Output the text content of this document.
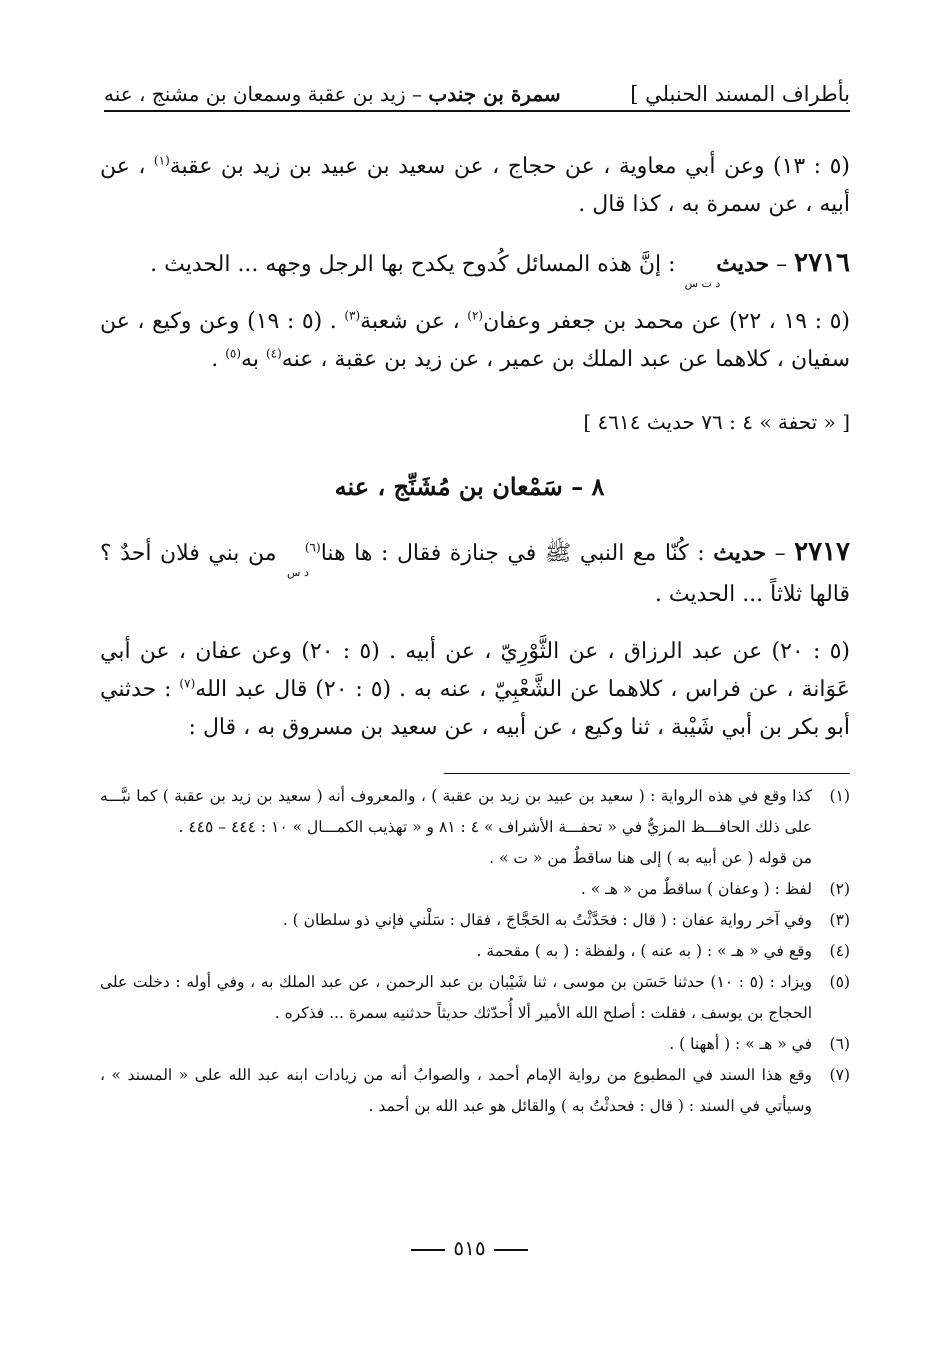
بأطراف المسند الحنبلي ]
سمرة بن جندب – زيد بن عقبة وسمعان بن مشنج ، عنه
(٥ : ١٣) وعن أبي معاوية ، عن حجاج ، عن سعيد بن عبيد بن زيد بن عقبة$^{(١)}$ ، عن أبيه ، عن سمرة به ، كذا قال .
٢٧١٦ – حديثد ت س : إنَّ هذه المسائل كُدوح يكدح بها الرجل وجهه ... الحديث .
(٥ : ١٩ ، ٢٢) عن محمد بن جعفر وعفان$^{(٢)}$ ، عن شعبة$^{(٣)}$ . (٥ : ١٩) وعن وكيع ، عن سفيان ، كلاهما عن عبد الملك بن عمير ، عن زيد بن عقبة ، عنه$^{(٤)}$ به$^{(٥)}$ .
[ « تحفة » ٤ : ٧٦ حديث ٤٦١٤ ]
٨ – سَمْعان بن مُشَنِّج ، عنه
٢٧١٧ – حديث : كُنّا مع النبي ﷺ في جنازة فقال : ها هنا$^{(٦)}$د س من بني فلان أحدٌ ؟ قالها ثلاثاً ... الحديث .
(٥ : ٢٠) عن عبد الرزاق ، عن الثَّوْرِيّ ، عن أبيه . (٥ : ٢٠) وعن عفان ، عن أبي عَوَانة ، عن فراس ، كلاهما عن الشَّعْبِيّ ، عنه به . (٥ : ٢٠) قال عبد الله$^{(٧)}$ : حدثني أبو بكر بن أبي شَيْبة ، ثنا وكيع ، عن أبيه ، عن سعيد بن مسروق به ، قال :
(١)

كذا وقع في هذه الرواية : ( سعيد بن عبيد بن زيد بن عقبة ) ، والمعروف أنه ( سعيد بن زيد بن عقبة ) كما نبَّـــه على ذلك الحافـــظ المزيُّ في « تحفـــة الأشراف » ٤ : ٨١ و « تهذيب الكمـــال » ١٠ : ٤٤٤ – ٤٤٥ .

من قوله ( عن أبيه به ) إلى هنا ساقطٌ من « ت » .

(٢)

لفظ : ( وعفان ) ساقطٌ من « هـ » .

(٣)

وفي آخر رواية عفان : ( قال : فحَدَّثْتُ به الحَجَّاجَ ، فقال : سَلْني فإني ذو سلطان ) .

(٤)

وقع في « هـ » : ( به عنه ) ، ولفظة : ( به ) مقحمة .

(٥)

ويزاد : (٥ : ١٠) حدثنا حَسَن بن موسى ، ثنا شَيْبان بن عبد الرحمن ، عن عبد الملك به ، وفي أوله : دخلت على الحجاج بن يوسف ، فقلت : أصلح الله الأمير ألا أُحدّثك حديثاً حدثنيه سمرة ... فذكره .

(٦)

في « هـ » : ( أههنا ) .

(٧)

وقع هذا السند في المطبوع من رواية الإمام أحمد ، والصوابُ أنه من زيادات ابنه عبد الله على « المسند » ، وسيأتي في السند : ( قال : فحدثْتُ به ) والقائل هو عبد الله بن أحمد .

٥١٥
